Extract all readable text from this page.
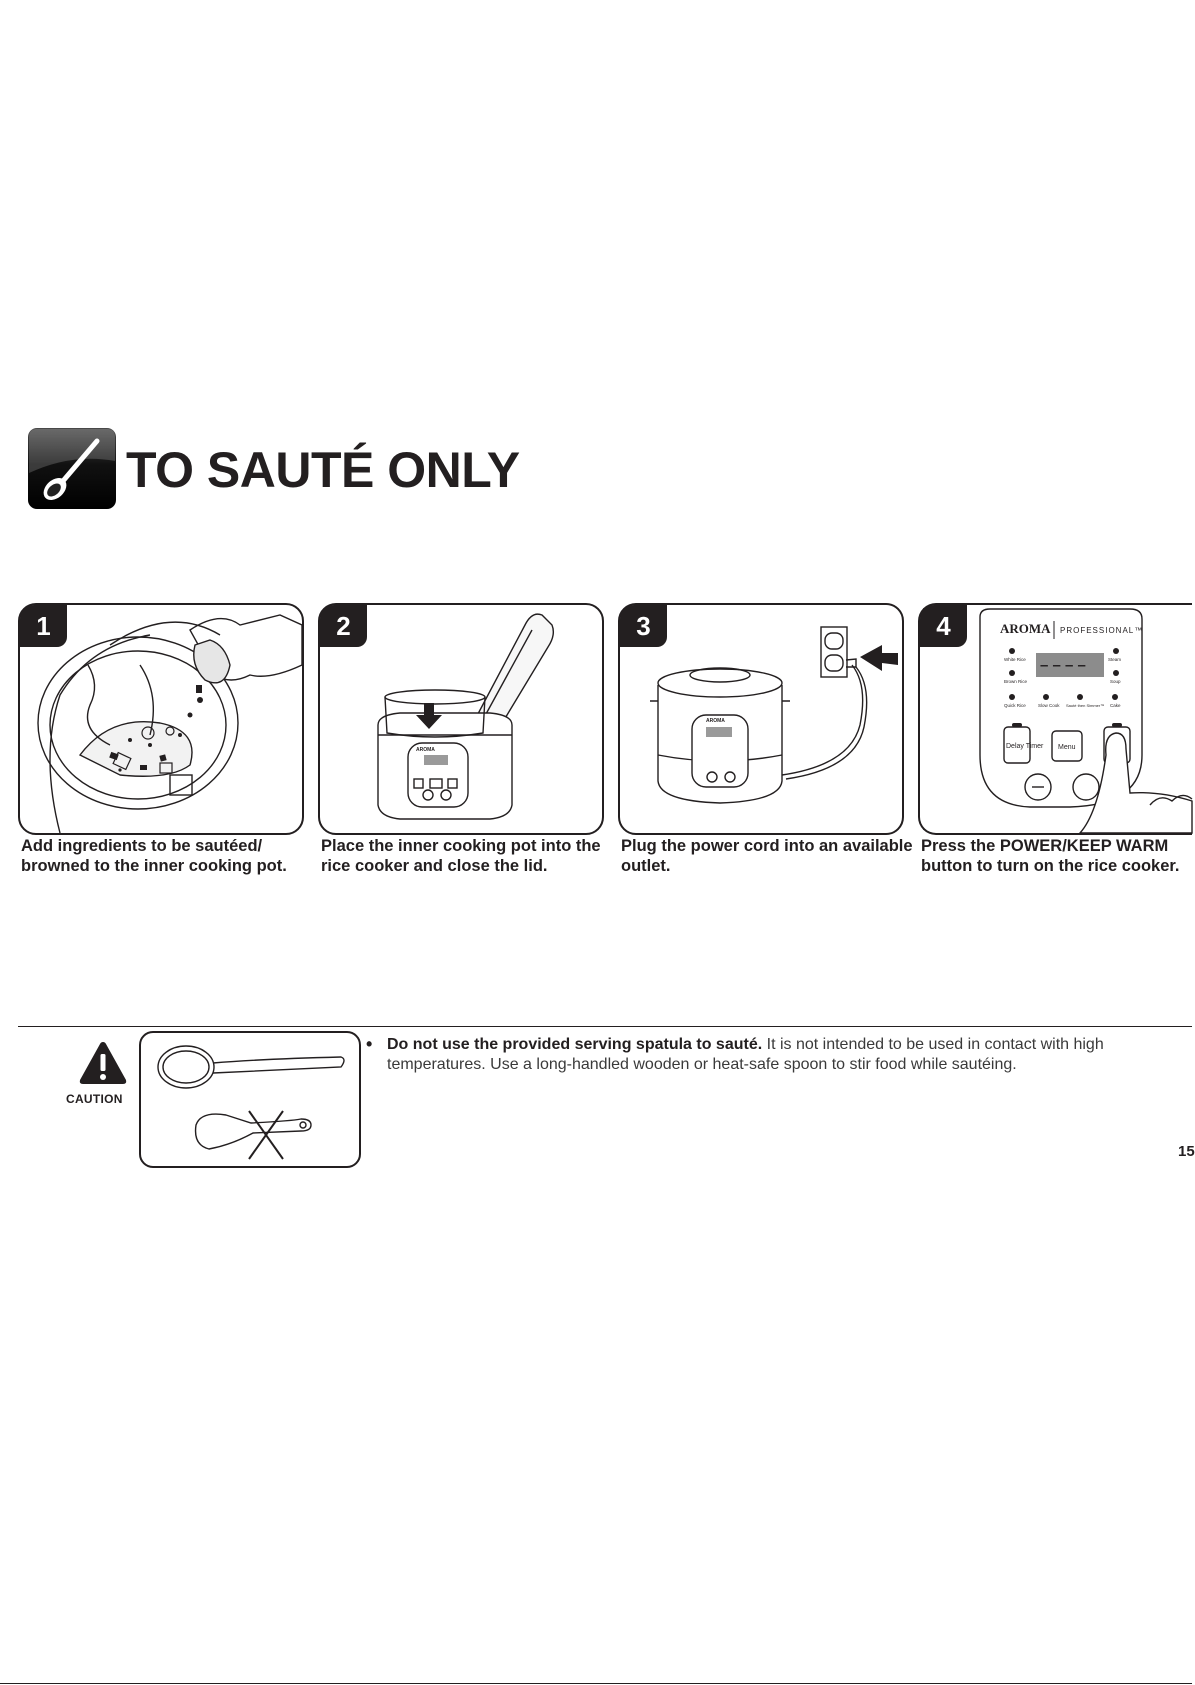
TO SAUTÉ ONLY
1

Add ingredients to be sautéed/ browned to the inner cooking pot.

AROMA
2

Place the inner cooking pot into the rice cooker and close the lid.

AROMA
3

Plug the power cord into an available outlet.

AROMA PROFESSIONAL™
– – – –
White Rice
Brown Rice
Quick Rice	Slow Cook Sauté then Simmer™
Steam
Soup
Cake
Delay Timer Menu
4

Press the POWER/KEEP WARM button to turn on the rice cooker.

CAUTION
• Do not use the provided serving spatula to sauté. It is not intended to be used in contact with high temperatures. Use a long-handled wooden or heat-safe spoon to stir food while sautéing.

15
